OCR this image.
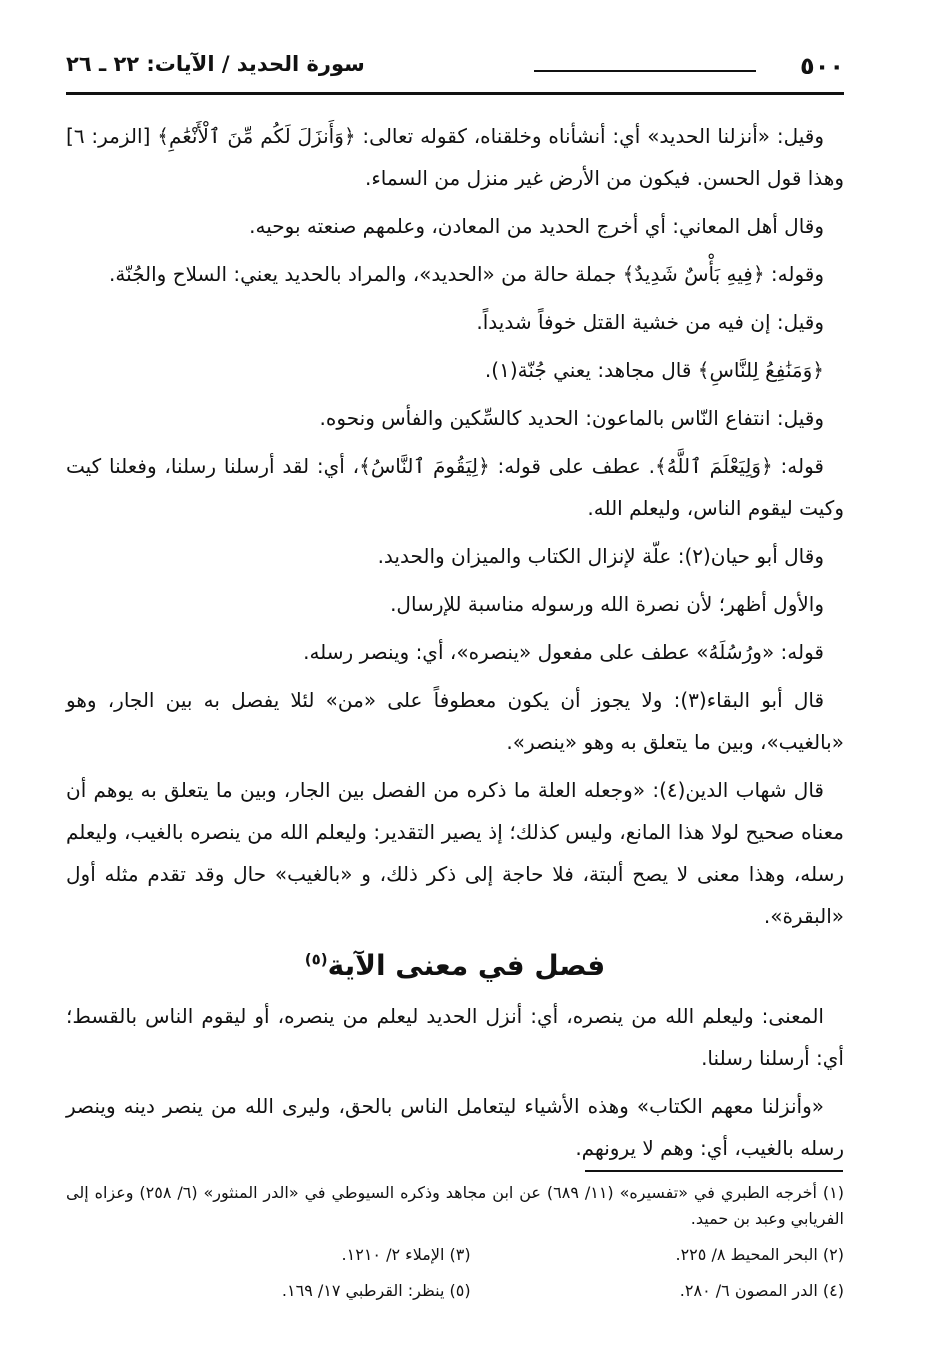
٥٠٠
سورة الحديد / الآيات: ٢٢ ـ ٢٦

وقيل: «أنزلنا الحديد» أي: أنشأناه وخلقناه، كقوله تعالى: ﴿وَأَنزَلَ لَكُم مِّنَ ٱلْأَنْعَٰمِ﴾ [الزمر: ٦] وهذا قول الحسن. فيكون من الأرض غير منزل من السماء.

وقال أهل المعاني: أي أخرج الحديد من المعادن، وعلمهم صنعته بوحيه.

وقوله: ﴿فِيهِ بَأْسٌ شَدِيدٌ﴾ جملة حالة من «الحديد»، والمراد بالحديد يعني: السلاح والجُنّة.

وقيل: إن فيه من خشية القتل خوفاً شديداً.

﴿وَمَنَٰفِعُ لِلنَّاسِ﴾ قال مجاهد: يعني جُنّة(١).

وقيل: انتفاع النّاس بالماعون: الحديد كالسِّكين والفأس ونحوه.

قوله: ﴿وَلِيَعْلَمَ ٱللَّهُ﴾. عطف على قوله: ﴿لِيَقُومَ ٱلنَّاسُ﴾، أي: لقد أرسلنا رسلنا، وفعلنا كيت وكيت ليقوم الناس، وليعلم الله.

وقال أبو حيان(٢): علّة لإنزال الكتاب والميزان والحديد.

والأول أظهر؛ لأن نصرة الله ورسوله مناسبة للإرسال.

قوله: «ورُسُلَهُ» عطف على مفعول «ينصره»، أي: وينصر رسله.

قال أبو البقاء(٣): ولا يجوز أن يكون معطوفاً على «من» لئلا يفصل به بين الجار، وهو «بالغيب»، وبين ما يتعلق به وهو «ينصر».

قال شهاب الدين(٤): «وجعله العلة ما ذكره من الفصل بين الجار، وبين ما يتعلق به يوهم أن معناه صحيح لولا هذا المانع، وليس كذلك؛ إذ يصير التقدير: وليعلم الله من ينصره بالغيب، وليعلم رسله، وهذا معنى لا يصح ألبتة، فلا حاجة إلى ذكر ذلك، و «بالغيب» حال وقد تقدم مثله أول «البقرة».

فصل في معنى الآية$^{(٥)}$

المعنى: وليعلم الله من ينصره، أي: أنزل الحديد ليعلم من ينصره، أو ليقوم الناس بالقسط؛ أي: أرسلنا رسلنا.

«وأنزلنا معهم الكتاب» وهذه الأشياء ليتعامل الناس بالحق، وليرى الله من ينصر دينه وينصر رسله بالغيب، أي: وهم لا يرونهم.

(١) أخرجه الطبري في «تفسيره» (١١/ ٦٨٩) عن ابن مجاهد وذكره السيوطي في «الدر المنثور» (٦/ ٢٥٨) وعزاه إلى الفريابي وعبد بن حميد.
(٢) البحر المحيط ٨/ ٢٢٥.
(٣) الإملاء ٢/ ١٢١٠.
(٤) الدر المصون ٦/ ٢٨٠.
(٥) ينظر: القرطبي ١٧/ ١٦٩.
